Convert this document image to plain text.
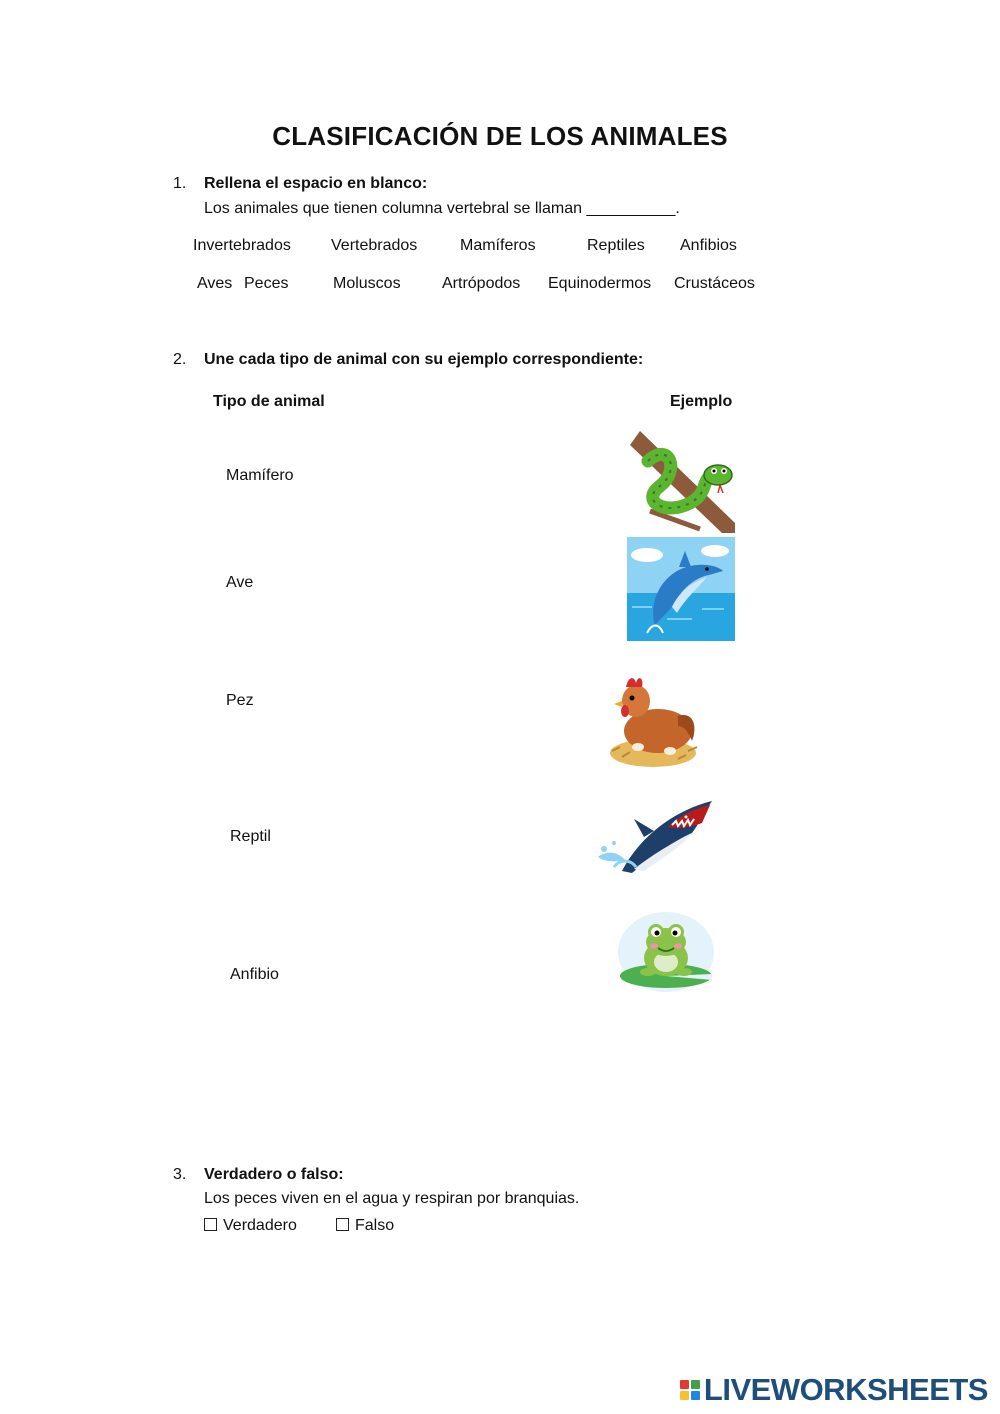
CLASIFICACIÓN DE LOS ANIMALES
1. Rellena el espacio en blanco:
Los animales que tienen columna vertebral se llaman __________.
Invertebrados	Vertebrados	Mamíferos	Reptiles Anfibios
Aves Peces	Moluscos	Artrópodos Equinodermos Crustáceos
2. Une cada tipo de animal con su ejemplo correspondiente:
Tipo de animal	Ejemplo
Mamífero
Ave
Pez
Reptil
Anfibio
3. Verdadero o falso:
Los peces viven en el agua y respiran por branquias.
Verdadero	Falso
LIVEWORKSHEETS
